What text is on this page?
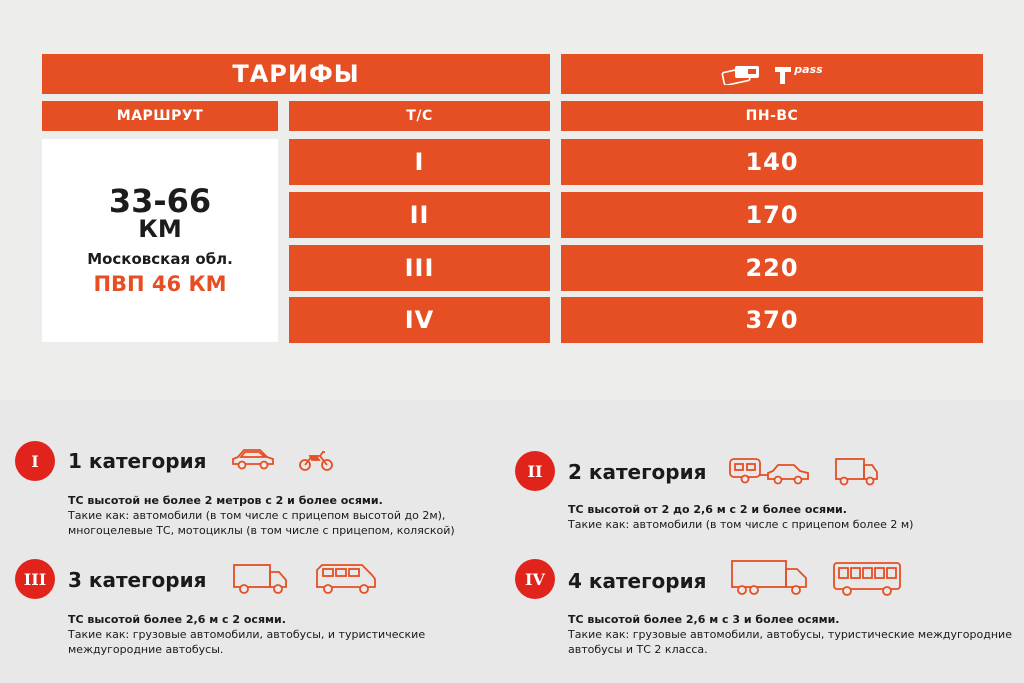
ТАРИФЫ	pass
МАРШРУТ	Т/С	ПН-ВС
33-66
КМ
Московская обл.
ПВП 46 КМ
I	140
II	170
III	220
IV	370
I	1 категория
ТС высотой не более 2 метров с 2 и более осями.
Такие как: автомобили (в том числе с прицепом высотой до 2м),
многоцелевые ТС, мотоциклы (в том числе с прицепом, коляской)
II	2 категория
ТС высотой от 2 до 2,6 м с 2 и более осями.
Такие как: автомобили (в том числе с прицепом более 2 м)
III	3 категория
ТС высотой более 2,6 м с 2 осями.
Такие как: грузовые автомобили, автобусы, и туристические
междугородние автобусы.
IV	4 категория
ТС высотой более 2,6 м с 3 и более осями.
Такие как: грузовые автомобили, автобусы, туристические междугородние
автобусы и ТС 2 класса.
